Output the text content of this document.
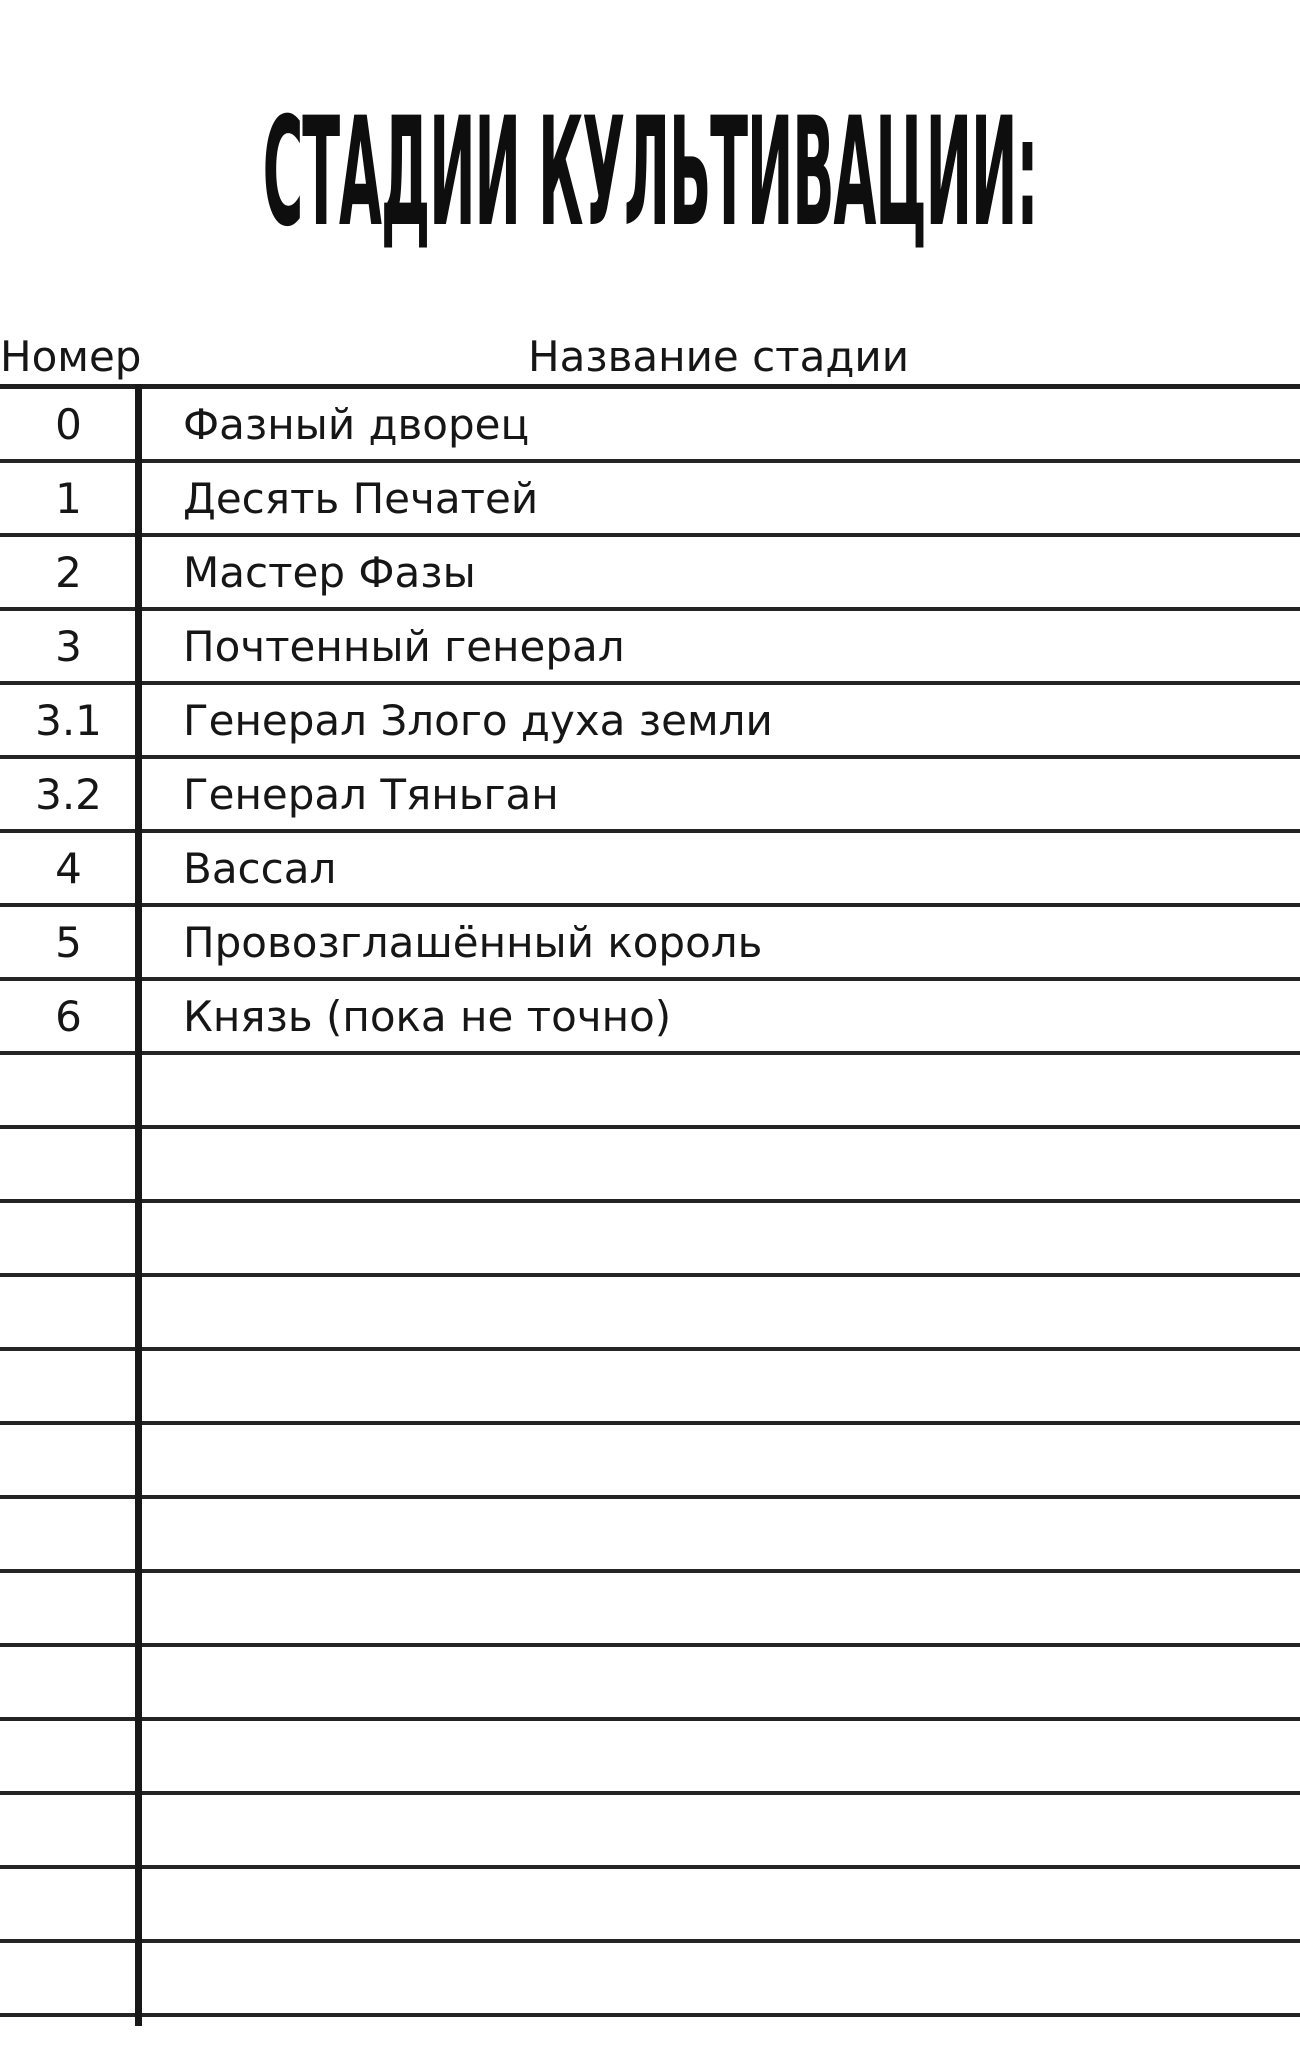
СТАДИИ КУЛЬТИВАЦИИ:
Номер	Название стадии
0	Фазный дворец
1	Десять Печатей
2	Мастер Фазы
3	Почтенный генерал
3.1	Генерал Злого духа земли
3.2	Генерал Тяньган
4	Вассал
5	Провозглашённый король
6	Князь (пока не точно)
